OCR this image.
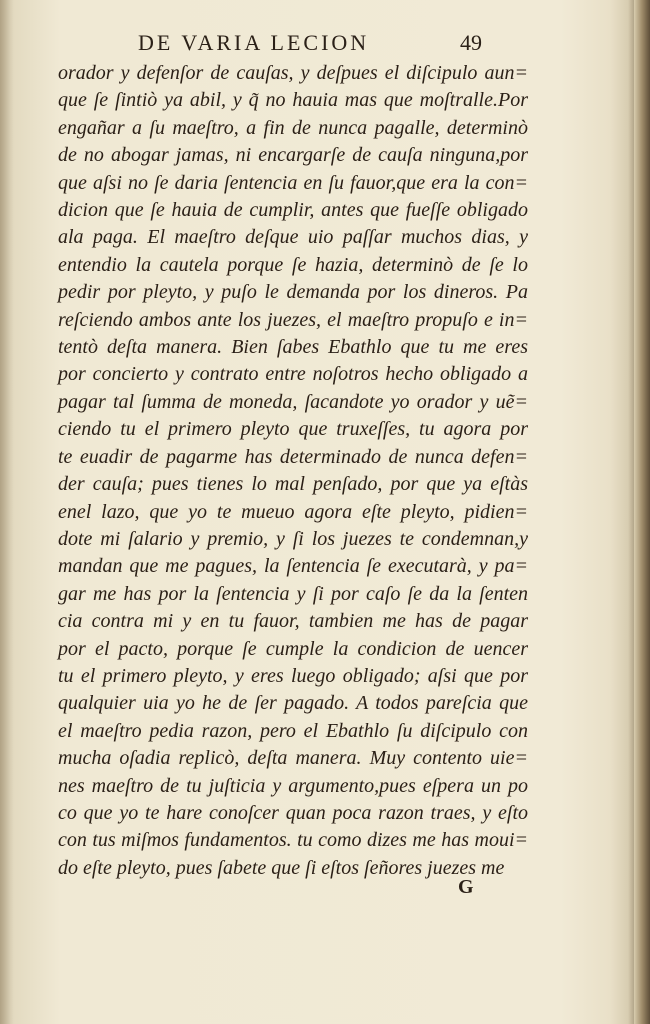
DE VARIA LECION	49
orador y defenſor de cauſas, y deſpues el diſcipulo aun=
que ſe ſintiò ya abil, y q̃ no hauia mas que moſtralle.Por
engañar a ſu maeſtro, a fin de nunca pagalle, determinò
de no abogar jamas, ni encargarſe de cauſa ninguna,por
que aſsi no ſe daria ſentencia en ſu fauor,que era la con=
dicion que ſe hauia de cumplir, antes que fueſſe obligado
ala paga. El maeſtro deſque uio paſſar muchos dias, y
entendio la cautela porque ſe hazia, determinò de ſe lo
pedir por pleyto, y puſo le demanda por los dineros. Pa
reſciendo ambos ante los juezes, el maeſtro propuſo e in=
tentò deſta manera. Bien ſabes Ebathlo que tu me eres
por concierto y contrato entre noſotros hecho obligado a
pagar tal ſumma de moneda, ſacandote yo orador y uẽ=
ciendo tu el primero pleyto que truxeſſes, tu agora por
te euadir de pagarme has determinado de nunca defen=
der cauſa; pues tienes lo mal penſado, por que ya eſtàs
enel lazo, que yo te mueuo agora eſte pleyto, pidien=
dote mi ſalario y premio, y ſi los juezes te condemnan,y
mandan que me pagues, la ſentencia ſe executarà, y pa=
gar me has por la ſentencia y ſi por caſo ſe da la ſenten
cia contra mi y en tu fauor, tambien me has de pagar
por el pacto, porque ſe cumple la condicion de uencer
tu el primero pleyto, y eres luego obligado; aſsi que por
qualquier uia yo he de ſer pagado. A todos pareſcia que
el maeſtro pedia razon, pero el Ebathlo ſu diſcipulo con
mucha oſadia replicò, deſta manera. Muy contento uie=
nes maeſtro de tu juſticia y argumento,pues eſpera un po
co que yo te hare conoſcer quan poca razon traes, y eſto
con tus miſmos fundamentos. tu como dizes me has moui=
do eſte pleyto, pues ſabete que ſi eſtos ſeñores juezes me
G
